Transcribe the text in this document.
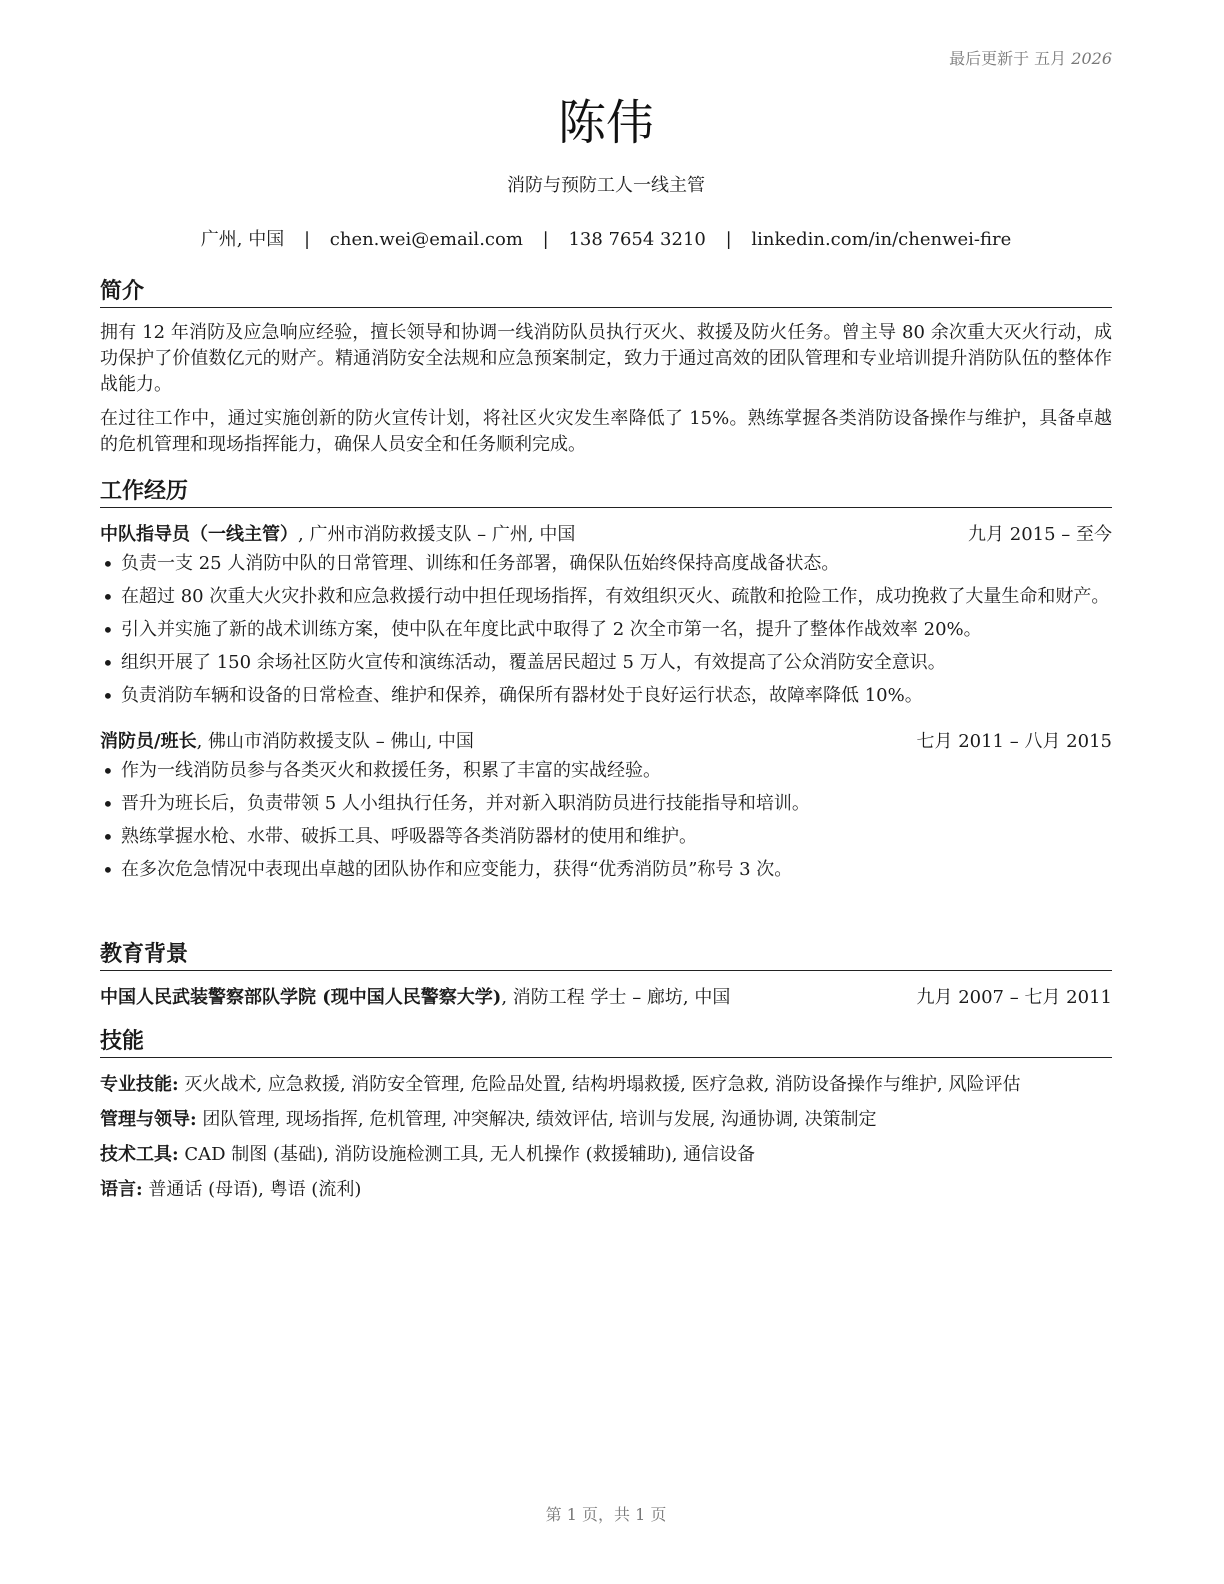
最后更新于 五月 2026
陈伟
消防与预防工人一线主管
广州, 中国 | chen.wei@email.com | 138 7654 3210 | linkedin.com/in/chenwei-fire
简介

拥有 12 年消防及应急响应经验，擅长领导和协调一线消防队员执行灭火、救援及防火任务。曾主导 80 余次重大灭火行动，成功保护了价值数亿元的财产。精通消防安全法规和应急预案制定，致力于通过高效的团队管理和专业培训提升消防队伍的整体作战能力。

在过往工作中，通过实施创新的防火宣传计划，将社区火灾发生率降低了 15%。熟练掌握各类消防设备操作与维护，具备卓越的危机管理和现场指挥能力，确保人员安全和任务顺利完成。

工作经历
中队指导员（一线主管）, 广州市消防救援支队 – 广州, 中国	九月 2015 – 至今
• 负责一支 25 人消防中队的日常管理、训练和任务部署，确保队伍始终保持高度战备状态。
• 在超过 80 次重大火灾扑救和应急救援行动中担任现场指挥，有效组织灭火、疏散和抢险工作，成功挽救了大量生命和财产。
• 引入并实施了新的战术训练方案，使中队在年度比武中取得了 2 次全市第一名，提升了整体作战效率 20%。
• 组织开展了 150 余场社区防火宣传和演练活动，覆盖居民超过 5 万人，有效提高了公众消防安全意识。
• 负责消防车辆和设备的日常检查、维护和保养，确保所有器材处于良好运行状态，故障率降低 10%。
消防员/班长, 佛山市消防救援支队 – 佛山, 中国	七月 2011 – 八月 2015
• 作为一线消防员参与各类灭火和救援任务，积累了丰富的实战经验。
• 晋升为班长后，负责带领 5 人小组执行任务，并对新入职消防员进行技能指导和培训。
• 熟练掌握水枪、水带、破拆工具、呼吸器等各类消防器材的使用和维护。
• 在多次危急情况中表现出卓越的团队协作和应变能力，获得“优秀消防员”称号 3 次。
教育背景
中国人民武装警察部队学院 (现中国人民警察大学), 消防工程 学士 – 廊坊, 中国	九月 2007 – 七月 2011
技能
专业技能: 灭火战术, 应急救援, 消防安全管理, 危险品处置, 结构坍塌救援, 医疗急救, 消防设备操作与维护, 风险评估
管理与领导: 团队管理, 现场指挥, 危机管理, 冲突解决, 绩效评估, 培训与发展, 沟通协调, 决策制定
技术工具: CAD 制图 (基础), 消防设施检测工具, 无人机操作 (救援辅助), 通信设备
语言: 普通话 (母语), 粤语 (流利)
第 1 页，共 1 页
